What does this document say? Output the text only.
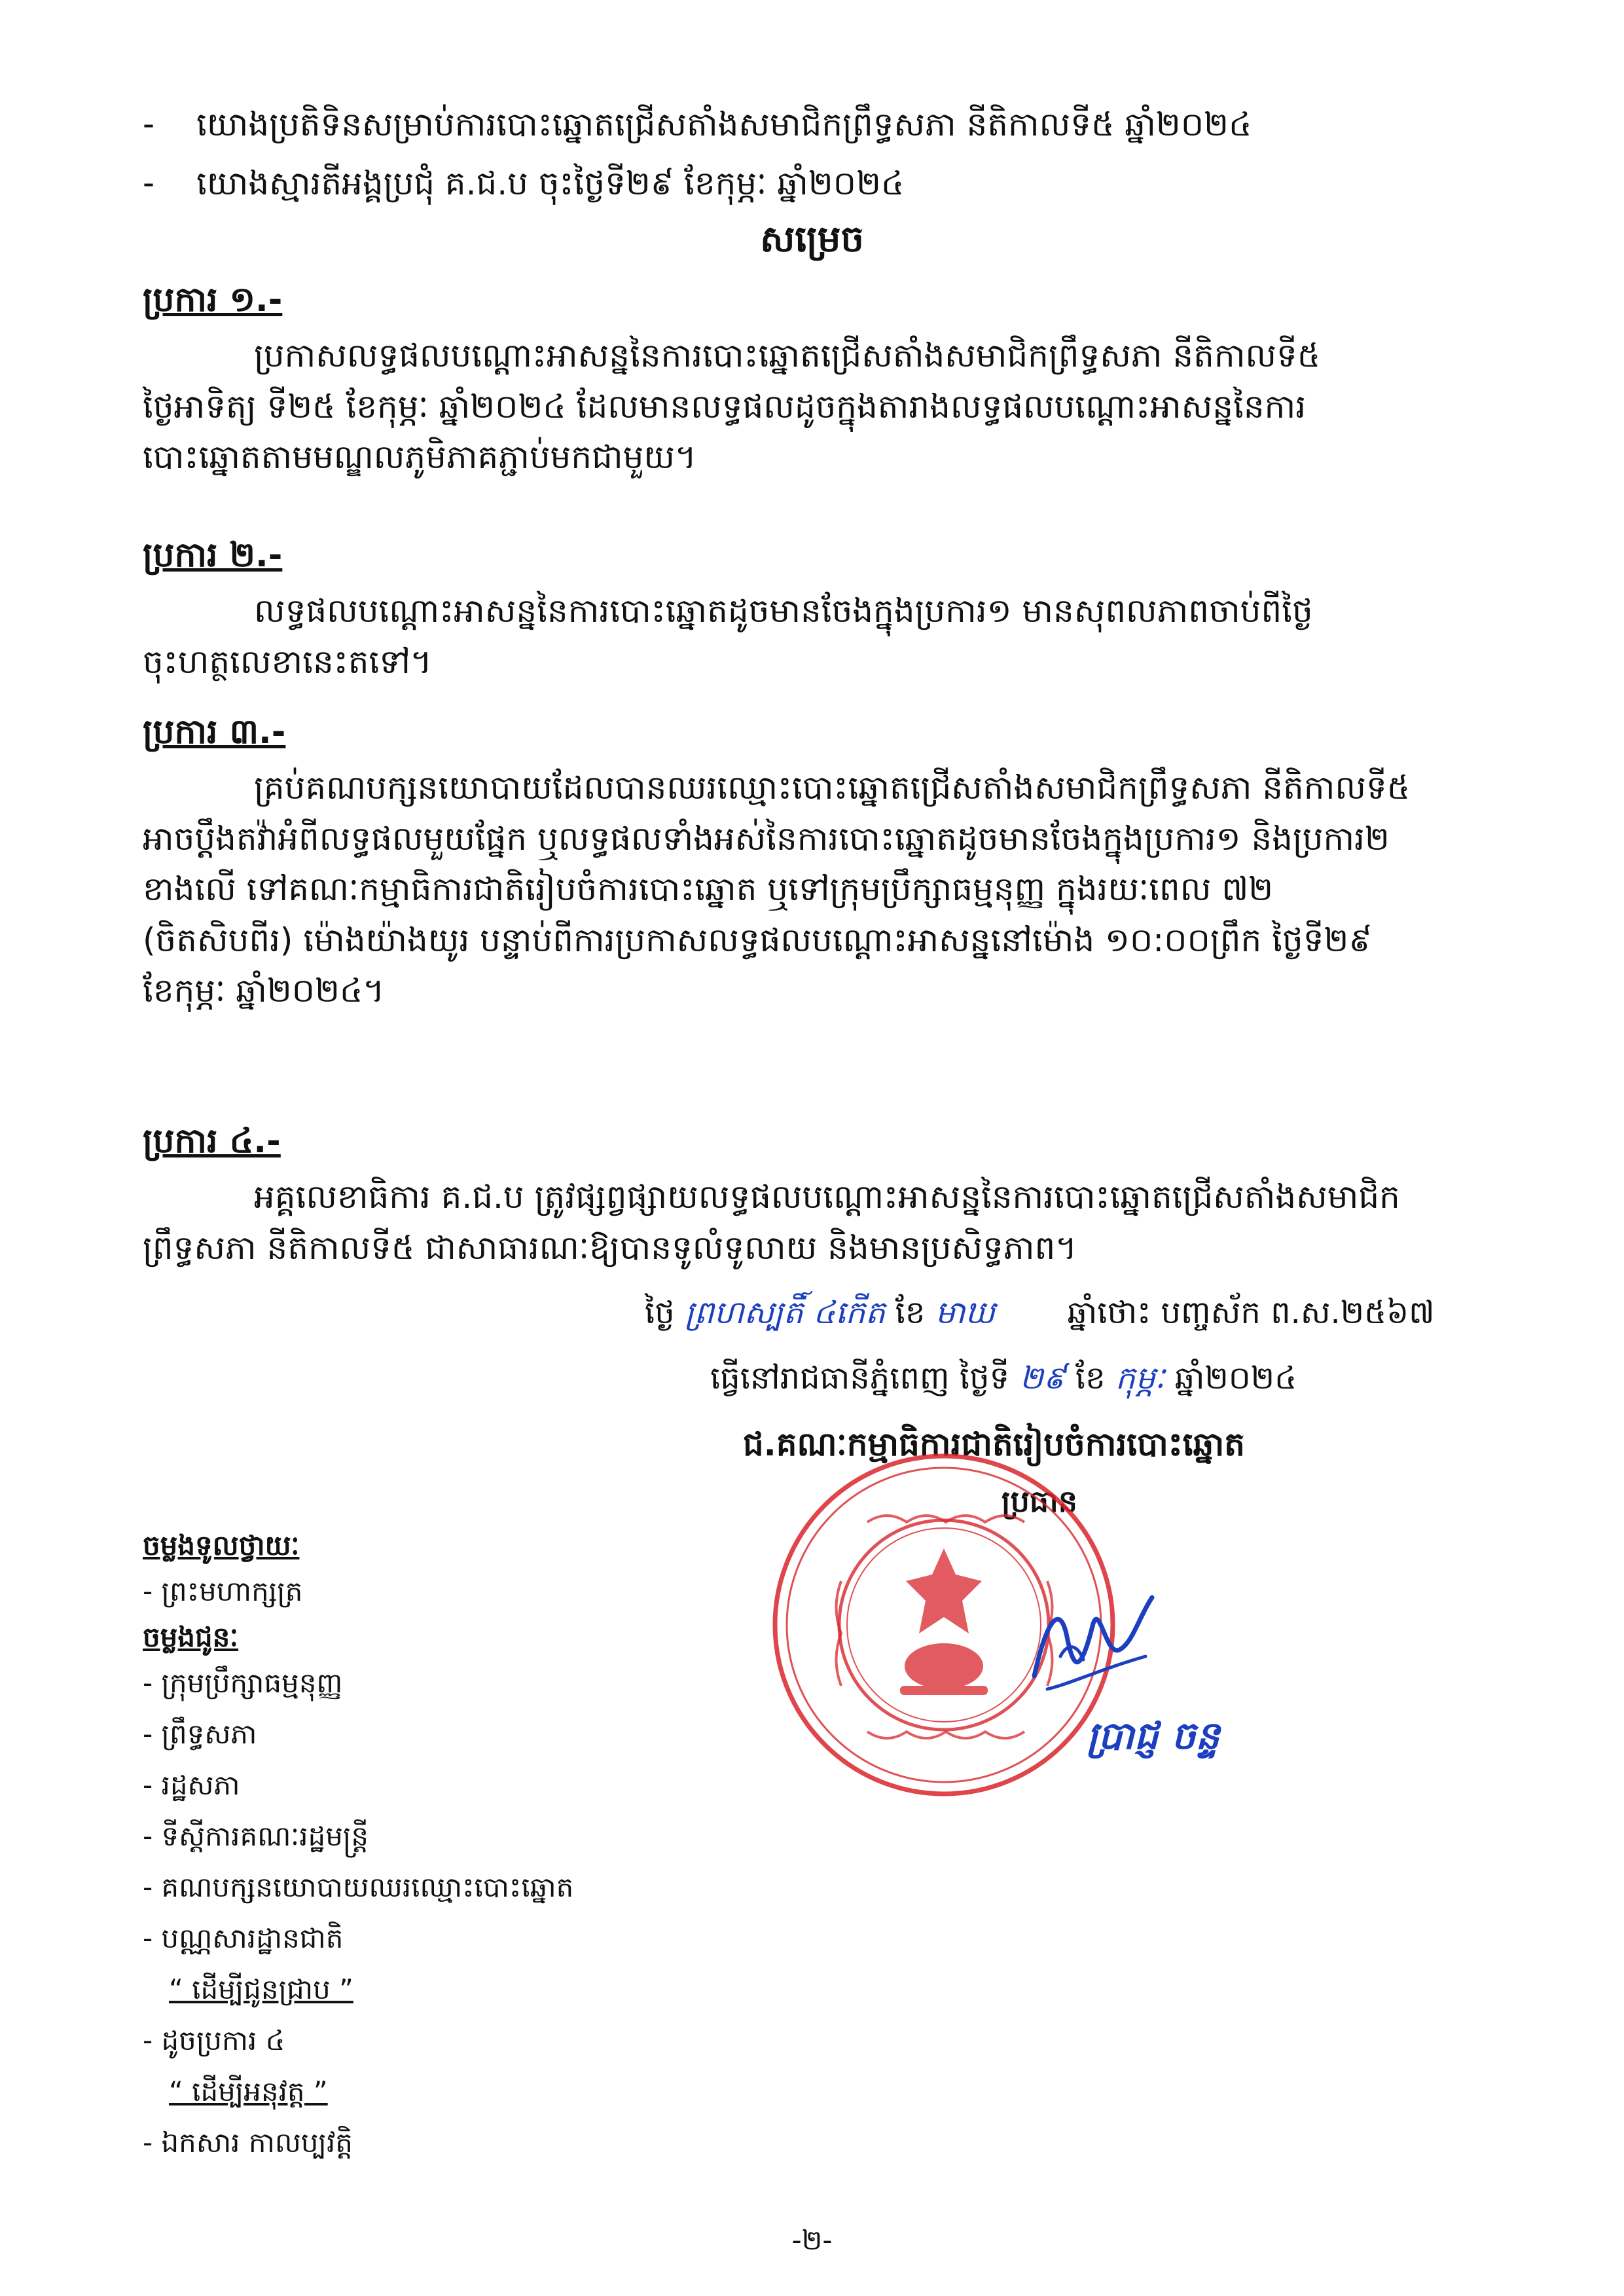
- យោងប្រតិទិនសម្រាប់ការបោះឆ្នោតជ្រើសតាំងសមាជិកព្រឹទ្ធសភា នីតិកាលទី៥ ឆ្នាំ២០២៤
- យោងស្មារតីអង្គប្រជុំ គ.ជ.ប ចុះថ្ងៃទី២៩ ខែកុម្ភៈ ឆ្នាំ២០២៤
សម្រេច
ប្រការ ១.-
ប្រកាសលទ្ធផលបណ្ដោះអាសន្ននៃការបោះឆ្នោតជ្រើសតាំងសមាជិកព្រឹទ្ធសភា នីតិកាលទី៥
ថ្ងៃអាទិត្យ ទី២៥ ខែកុម្ភៈ ឆ្នាំ២០២៤ ដែលមានលទ្ធផលដូចក្នុងតារាងលទ្ធផលបណ្ដោះអាសន្ននៃការ
បោះឆ្នោតតាមមណ្ឌលភូមិភាគភ្ជាប់មកជាមួយ។
ប្រការ ២.-
លទ្ធផលបណ្ដោះអាសន្ននៃការបោះឆ្នោតដូចមានចែងក្នុងប្រការ១ មានសុពលភាពចាប់ពីថ្ងៃ
ចុះហត្ថលេខានេះតទៅ។
ប្រការ ៣.-
គ្រប់គណបក្សនយោបាយដែលបានឈរឈ្មោះបោះឆ្នោតជ្រើសតាំងសមាជិកព្រឹទ្ធសភា នីតិកាលទី៥
អាចប្ដឹងតវ៉ាអំពីលទ្ធផលមួយផ្នែក ឬលទ្ធផលទាំងអស់នៃការបោះឆ្នោតដូចមានចែងក្នុងប្រការ១ និងប្រការ២
ខាងលើ ទៅគណៈកម្មាធិការជាតិរៀបចំការបោះឆ្នោត ឬទៅក្រុមប្រឹក្សាធម្មនុញ្ញ ក្នុងរយៈពេល ៧២
(ចិតសិបពីរ) ម៉ោងយ៉ាងយូរ បន្ទាប់ពីការប្រកាសលទ្ធផលបណ្ដោះអាសន្ននៅម៉ោង ១០:០០ព្រឹក ថ្ងៃទី២៩
ខែកុម្ភៈ ឆ្នាំ២០២៤។
ប្រការ ៤.-
អគ្គលេខាធិការ គ.ជ.ប ត្រូវផ្សព្វផ្សាយលទ្ធផលបណ្ដោះអាសន្ននៃការបោះឆ្នោតជ្រើសតាំងសមាជិក
ព្រឹទ្ធសភា នីតិកាលទី៥ ជាសាធារណៈឱ្យបានទូលំទូលាយ និងមានប្រសិទ្ធភាព។
ថ្ងៃ ព្រហស្បតិ៍ ៤កើត ខែ មាឃ ឆ្នាំថោះ បញ្ចស័ក ព.ស.២៥៦៧
ធ្វើនៅរាជធានីភ្នំពេញ ថ្ងៃទី ២៩ ខែ កុម្ភៈ ឆ្នាំ២០២៤
ជ.គណៈកម្មាធិការជាតិរៀបចំការបោះឆ្នោត
ប្រធាន
ប្រាជ្ញ ចន្ទ
ចម្លងទូលថ្វាយៈ
- ព្រះមហាក្សត្រ
ចម្លងជូនៈ
- ក្រុមប្រឹក្សាធម្មនុញ្ញ
- ព្រឹទ្ធសភា
- រដ្ឋសភា
- ទីស្ដីការគណៈរដ្ឋមន្ត្រី
- គណបក្សនយោបាយឈរឈ្មោះបោះឆ្នោត
- បណ្ណសារដ្ឋានជាតិ
“ ដើម្បីជូនជ្រាប ”
- ដូចប្រការ ៤
“ ដើម្បីអនុវត្ត ”
- ឯកសារ កាលប្បវត្តិ
-២-
